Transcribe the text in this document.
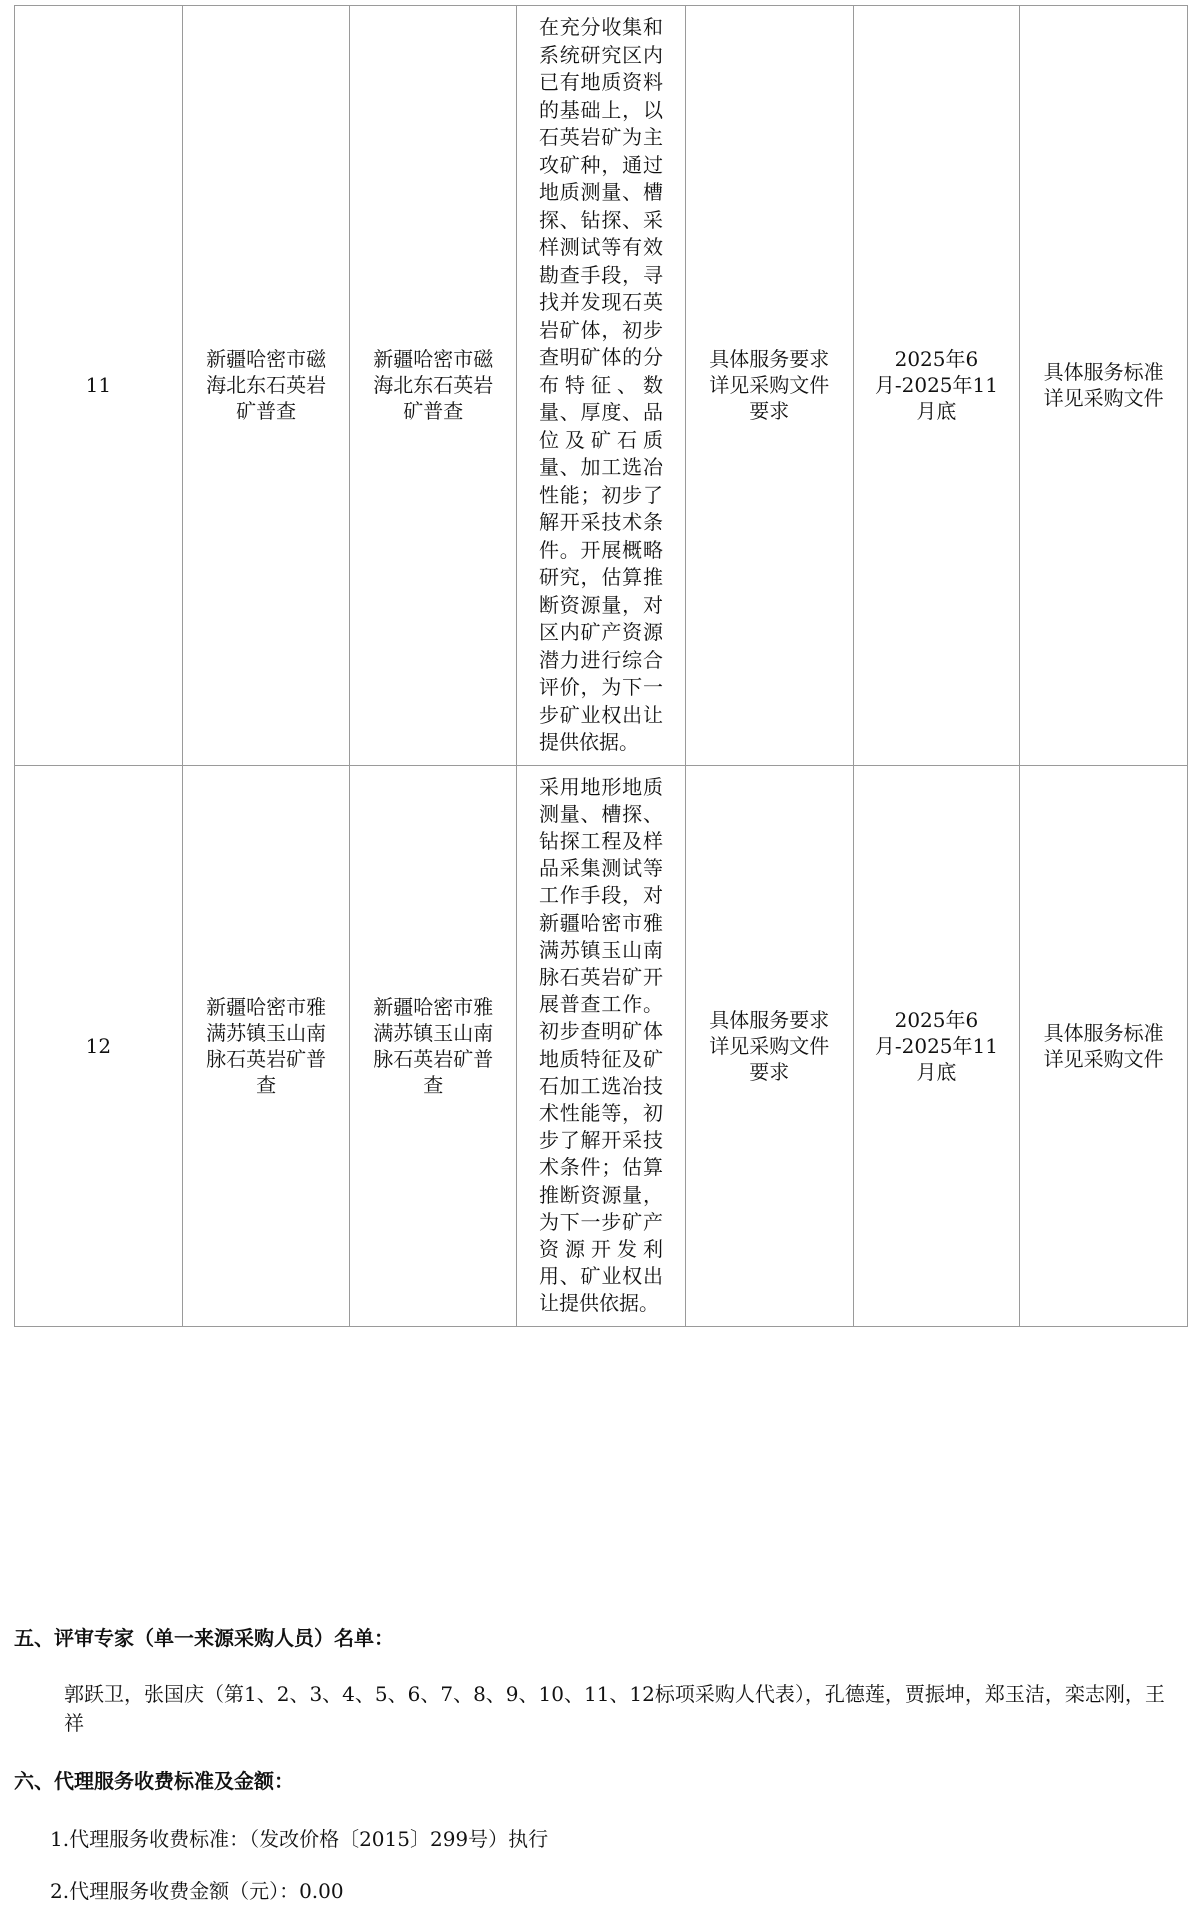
11	新疆哈密市磁海北东石英岩矿普查	新疆哈密市磁海北东石英岩矿普查	在充分收集和系统研究区内已有地质资料的基础上，以石英岩矿为主攻矿种，通过地质测量、槽探、钻探、采样测试等有效勘查手段，寻找并发现石英岩矿体，初步查明矿体的分布特征、数量、厚度、品位及矿石质量、加工选冶性能；初步了解开采技术条件。开展概略研究，估算推断资源量，对区内矿产资源潜力进行综合评价，为下一步矿业权出让提供依据。	具体服务要求详见采购文件要求	2025年6月-2025年11月底	具体服务标准详见采购文件

12	新疆哈密市雅满苏镇玉山南脉石英岩矿普查	新疆哈密市雅满苏镇玉山南脉石英岩矿普查	采用地形地质测量、槽探、钻探工程及样品采集测试等工作手段，对新疆哈密市雅满苏镇玉山南脉石英岩矿开展普查工作。初步查明矿体地质特征及矿石加工选冶技术性能等，初步了解开采技术条件；估算推断资源量，为下一步矿产资源开发利用、矿业权出让提供依据。	具体服务要求详见采购文件要求	2025年6月-2025年11月底	具体服务标准详见采购文件
五、评审专家（单一来源采购人员）名单：
郭跃卫，张国庆（第1、2、3、4、5、6、7、8、9、10、11、12标项采购人代表），孔德莲，贾振坤，郑玉洁，栾志刚，王祥
六、代理服务收费标准及金额：
1.代理服务收费标准：（发改价格〔2015〕299号）执行
2.代理服务收费金额（元）：0.00
